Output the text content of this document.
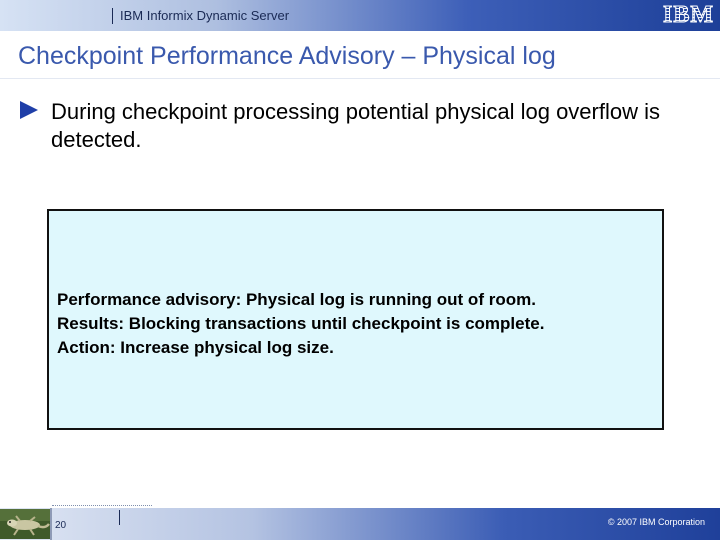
IBM Informix Dynamic Server	IBM
Checkpoint Performance Advisory – Physical log
During checkpoint processing potential physical log overflow is detected.
Performance advisory: Physical log is running out of room.
Results: Blocking transactions until checkpoint is complete.
Action: Increase physical log size.
20	© 2007 IBM Corporation
